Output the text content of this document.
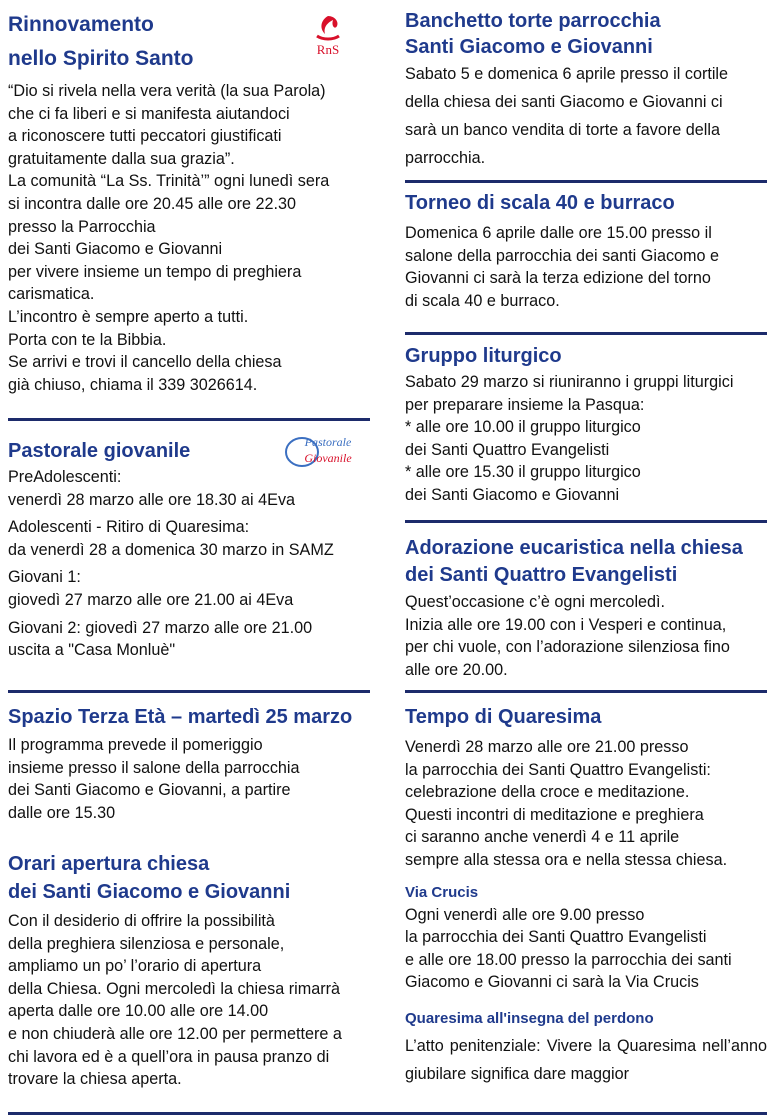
Rinnovamento
nello Spirito Santo	RnS

“Dio si rivela nella vera verità (la sua Parola)
che ci fa liberi e si manifesta aiutandoci
a riconoscere tutti peccatori giustificati
gratuitamente dalla sua grazia”.
La comunità “La Ss. Trinità’” ogni lunedì sera
si incontra dalle ore 20.45 alle ore 22.30
presso la Parrocchia
dei Santi Giacomo e Giovanni
per vivere insieme un tempo di preghiera
carismatica.
L’incontro è sempre aperto a tutti.
Porta con te la Bibbia.
Se arrivi e trovi il cancello della chiesa
già chiuso, chiama il 339 3026614.

Pastorale giovanile	Pastorale
Giovanile

PreAdolescenti:
venerdì 28 marzo alle ore 18.30 ai 4Eva

Adolescenti - Ritiro di Quaresima:
da venerdì 28 a domenica 30 marzo in SAMZ

Giovani 1:
giovedì 27 marzo alle ore 21.00 ai 4Eva

Giovani 2: giovedì 27 marzo alle ore 21.00
uscita a "Casa Monluè"

Spazio Terza Età – martedì 25 marzo

Il programma prevede il pomeriggio
insieme presso il salone della parrocchia
dei Santi Giacomo e Giovanni, a partire
dalle ore 15.30

Orari apertura chiesa
dei Santi Giacomo e Giovanni

Con il desiderio di offrire la possibilità
della preghiera silenziosa e personale,
ampliamo un po’ l’orario di apertura
della Chiesa. Ogni mercoledì la chiesa rimarrà
aperta dalle ore 10.00 alle ore 14.00
e non chiuderà alle ore 12.00 per permettere a
chi lavora ed è a quell’ora in pausa pranzo di
trovare la chiesa aperta.

Banchetto torte parrocchia
Santi Giacomo e Giovanni

Sabato 5 e domenica 6 aprile presso il cortile
della chiesa dei santi Giacomo e Giovanni ci
sarà un banco vendita di torte a favore della
parrocchia.

Torneo di scala 40 e burraco

Domenica 6 aprile dalle ore 15.00 presso il
salone della parrocchia dei santi Giacomo e
Giovanni ci sarà la terza edizione del torno
di scala 40 e burraco.

Gruppo liturgico

Sabato 29 marzo si riuniranno i gruppi liturgici
per preparare insieme la Pasqua:
* alle ore 10.00 il gruppo liturgico
dei Santi Quattro Evangelisti
* alle ore 15.30 il gruppo liturgico
dei Santi Giacomo e Giovanni

Adorazione eucaristica nella chiesa
dei Santi Quattro Evangelisti

Quest’occasione c’è ogni mercoledì.
Inizia alle ore 19.00 con i Vesperi e continua,
per chi vuole, con l’adorazione silenziosa fino
alle ore 20.00.

Tempo di Quaresima

Venerdì 28 marzo alle ore 21.00 presso
la parrocchia dei Santi Quattro Evangelisti:
celebrazione della croce e meditazione.
Questi incontri di meditazione e preghiera
ci saranno anche venerdì 4 e 11 aprile
sempre alla stessa ora e nella stessa chiesa.

Via Crucis

Ogni venerdì alle ore 9.00 presso
la parrocchia dei Santi Quattro Evangelisti
e alle ore 18.00 presso la parrocchia dei santi
Giacomo e Giovanni ci sarà la Via Crucis

Quaresima all'insegna del perdono

L’atto penitenziale: Vivere la Quaresima nell’anno giubilare significa dare maggior
